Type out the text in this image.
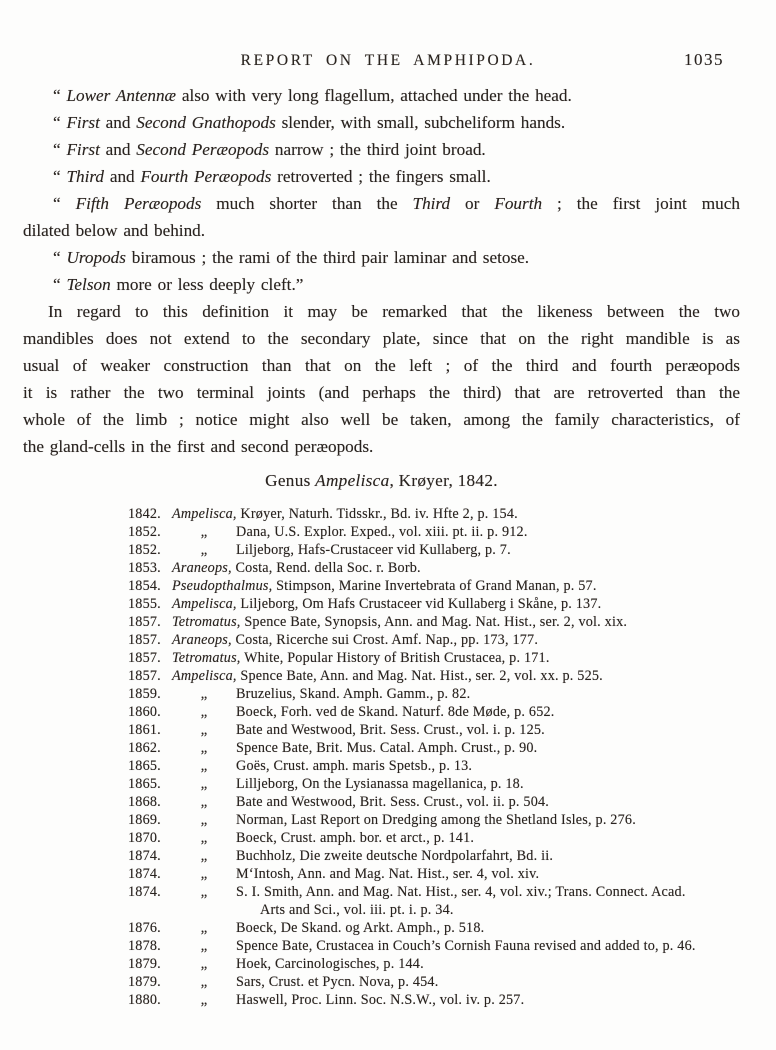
REPORT ON THE AMPHIPODA.	1035
“ Lower Antennæ also with very long flagellum, attached under the head.
“ First and Second Gnathopods slender, with small, subcheliform hands.
“ First and Second Peræopods narrow ; the third joint broad.
“ Third and Fourth Peræopods retroverted ; the fingers small.
“ Fifth Peræopods much shorter than the Third or Fourth ; the first joint much
dilated below and behind.
“ Uropods biramous ; the rami of the third pair laminar and setose.
“ Telson more or less deeply cleft.”
In regard to this definition it may be remarked that the likeness between the two
mandibles does not extend to the secondary plate, since that on the right mandible is as
usual of weaker construction than that on the left ; of the third and fourth peræopods
it is rather the two terminal joints (and perhaps the third) that are retroverted than the
whole of the limb ; notice might also well be taken, among the family characteristics, of
the gland-cells in the first and second peræopods.
Genus Ampelisca, Krøyer, 1842.
1842. Ampelisca, Krøyer, Naturh. Tidsskr., Bd. iv. Hfte 2, p. 154.
1852.	„ Dana, U.S. Explor. Exped., vol. xiii. pt. ii. p. 912.
1852.	„ Liljeborg, Hafs-Crustaceer vid Kullaberg, p. 7.
1853. Araneops, Costa, Rend. della Soc. r. Borb.
1854. Pseudopthalmus, Stimpson, Marine Invertebrata of Grand Manan, p. 57.
1855. Ampelisca, Liljeborg, Om Hafs Crustaceer vid Kullaberg i Skåne, p. 137.
1857. Tetromatus, Spence Bate, Synopsis, Ann. and Mag. Nat. Hist., ser. 2, vol. xix.
1857. Araneops, Costa, Ricerche sui Crost. Amf. Nap., pp. 173, 177.
1857. Tetromatus, White, Popular History of British Crustacea, p. 171.
1857. Ampelisca, Spence Bate, Ann. and Mag. Nat. Hist., ser. 2, vol. xx. p. 525.
1859.	„ Bruzelius, Skand. Amph. Gamm., p. 82.
1860.	„ Boeck, Forh. ved de Skand. Naturf. 8de Møde, p. 652.
1861.	„ Bate and Westwood, Brit. Sess. Crust., vol. i. p. 125.
1862.	„ Spence Bate, Brit. Mus. Catal. Amph. Crust., p. 90.
1865.	„ Goës, Crust. amph. maris Spetsb., p. 13.
1865.	„ Lilljeborg, On the Lysianassa magellanica, p. 18.
1868.	„ Bate and Westwood, Brit. Sess. Crust., vol. ii. p. 504.
1869.	„ Norman, Last Report on Dredging among the Shetland Isles, p. 276.
1870.	„ Boeck, Crust. amph. bor. et arct., p. 141.
1874.	„ Buchholz, Die zweite deutsche Nordpolarfahrt, Bd. ii.
1874.	„ M‘Intosh, Ann. and Mag. Nat. Hist., ser. 4, vol. xiv.
1874.	„ S. I. Smith, Ann. and Mag. Nat. Hist., ser. 4, vol. xiv.; Trans. Connect. Acad.
Arts and Sci., vol. iii. pt. i. p. 34.
1876.	„ Boeck, De Skand. og Arkt. Amph., p. 518.
1878.	„ Spence Bate, Crustacea in Couch’s Cornish Fauna revised and added to, p. 46.
1879.	„ Hoek, Carcinologisches, p. 144.
1879.	„ Sars, Crust. et Pycn. Nova, p. 454.
1880.	„ Haswell, Proc. Linn. Soc. N.S.W., vol. iv. p. 257.
